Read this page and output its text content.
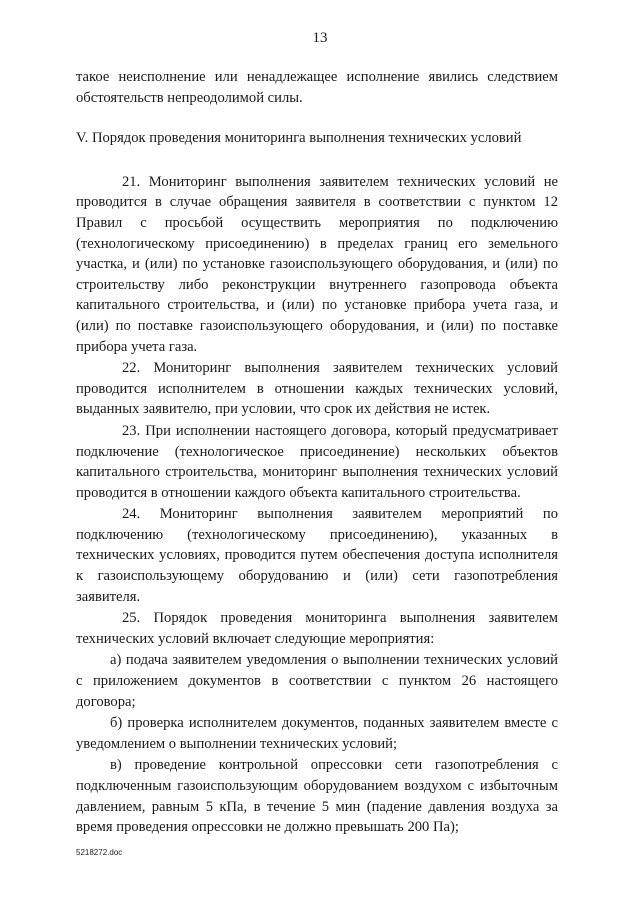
13

такое неисполнение или ненадлежащее исполнение явились следствием обстоятельств непреодолимой силы.

V. Порядок проведения мониторинга выполнения технических условий

21. Мониторинг выполнения заявителем технических условий не проводится в случае обращения заявителя в соответствии с пунктом 12 Правил с просьбой осуществить мероприятия по подключению (технологическому присоединению) в пределах границ его земельного участка, и (или) по установке газоиспользующего оборудования, и (или) по строительству либо реконструкции внутреннего газопровода объекта капитального строительства, и (или) по установке прибора учета газа, и (или) по поставке газоиспользующего оборудования, и (или) по поставке прибора учета газа.

22. Мониторинг выполнения заявителем технических условий проводится исполнителем в отношении каждых технических условий, выданных заявителю, при условии, что срок их действия не истек.

23. При исполнении настоящего договора, который предусматривает подключение (технологическое присоединение) нескольких объектов капитального строительства, мониторинг выполнения технических условий проводится в отношении каждого объекта капитального строительства.

24. Мониторинг выполнения заявителем мероприятий по подключению (технологическому присоединению), указанных в технических условиях, проводится путем обеспечения доступа исполнителя к газоиспользующему оборудованию и (или) сети газопотребления заявителя.

25. Порядок проведения мониторинга выполнения заявителем технических условий включает следующие мероприятия:

а) подача заявителем уведомления о выполнении технических условий с приложением документов в соответствии с пунктом 26 настоящего договора;

б) проверка исполнителем документов, поданных заявителем вместе с уведомлением о выполнении технических условий;

в) проведение контрольной опрессовки сети газопотребления с подключенным газоиспользующим оборудованием воздухом с избыточным давлением, равным 5 кПа, в течение 5 мин (падение давления воздуха за время проведения опрессовки не должно превышать 200 Па);

5218272.doc
